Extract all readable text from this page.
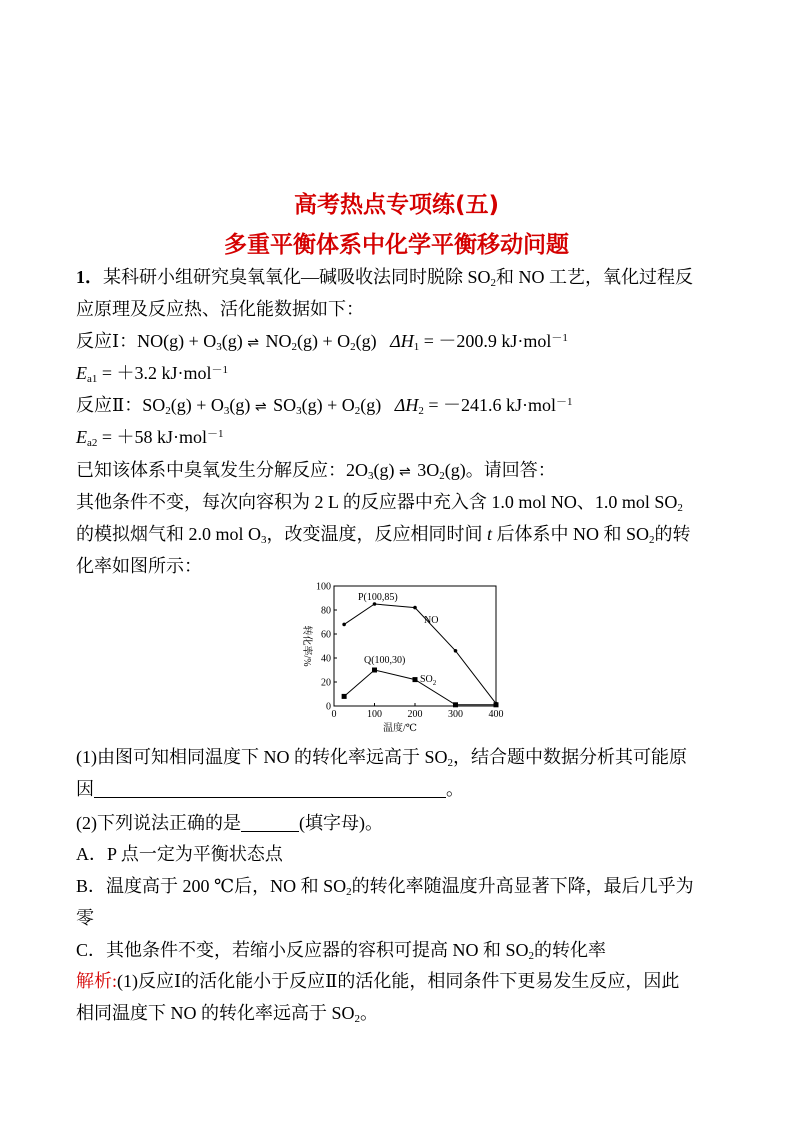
高考热点专项练(五)
多重平衡体系中化学平衡移动问题
1．某科研小组研究臭氧氧化—碱吸收法同时脱除 $SO_2$和 NO 工艺，氧化过程反
应原理及反应热、活化能数据如下：
反应Ⅰ：$NO(g) + O_3(g)$ ⇌ $NO_2(g) + O_2(g) \Delta H_1 = -200.9$ kJ·mol$^{-1}$
$E_{a1} = +3.2$ kJ·mol$^{-1}$
反应Ⅱ：$SO_2(g) + O_3(g)$ ⇌ $SO_3(g) + O_2(g) \Delta H_2 = -241.6$ kJ·mol$^{-1}$
$E_{a2} = +58$ kJ·mol$^{-1}$
已知该体系中臭氧发生分解反应：$2O_3(g)$ ⇌ $3O_2(g)$。请回答：
其他条件不变，每次向容积为 2 L 的反应器中充入含 1.0 mol NO、1.0 mol $SO_2$
的模拟烟气和 2.0 mol $O_3$，改变温度，反应相同时间 t 后体系中 NO 和 $SO_2$的转
化率如图所示：
0	100	200	300	400
0
20
40
60
80
100
P(100,85)
Q(100,30)
NO
$SO_2$
温度/℃
转化率/%
(1)由图可知相同温度下 NO 的转化率远高于 $SO_2$，结合题中数据分析其可能原
因	。
(2)下列说法正确的是	(填字母)。
A．P 点一定为平衡状态点
B．温度高于 200 ℃后，NO 和 $SO_2$的转化率随温度升高显著下降，最后几乎为
零
C．其他条件不变，若缩小反应器的容积可提高 NO 和 $SO_2$的转化率
解析:(1)反应Ⅰ的活化能小于反应Ⅱ的活化能，相同条件下更易发生反应，因此
相同温度下 NO 的转化率远高于 $SO_2$。
